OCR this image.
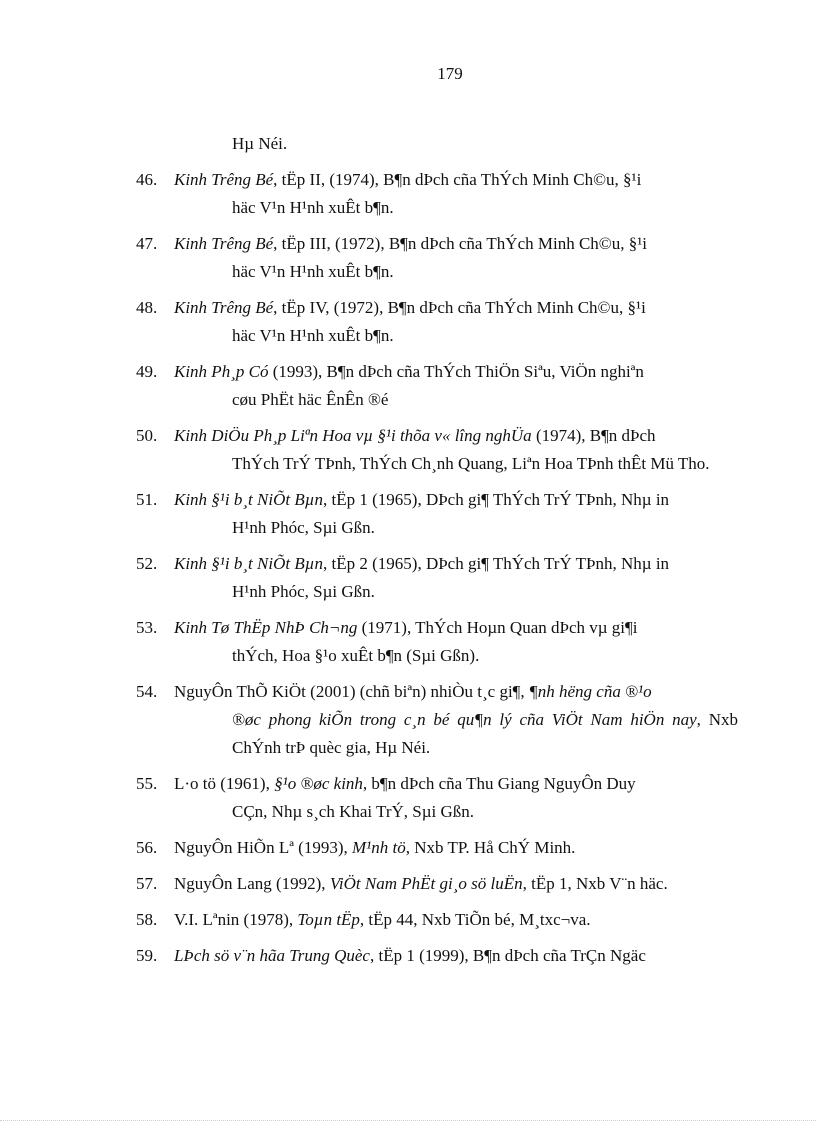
179
Hµ Néi.
46. Kinh Trêng Bé, tËp II, (1974), B¶n dÞch cña ThÝch Minh Ch©u, §¹i
häc V¹n H¹nh xuÊt b¶n.
47. Kinh Trêng Bé, tËp III, (1972), B¶n dÞch cña ThÝch Minh Ch©u, §¹i
häc V¹n H¹nh xuÊt b¶n.
48. Kinh Trêng Bé, tËp IV, (1972), B¶n dÞch cña ThÝch Minh Ch©u, §¹i
häc V¹n H¹nh xuÊt b¶n.
49. Kinh Ph¸p Có (1993), B¶n dÞch cña ThÝch ThiÖn Siªu, ViÖn nghiªn
cøu PhËt häc ÊnÊn ®é
50. Kinh DiÖu Ph¸p Liªn Hoa vµ §¹i thõa v« lîng nghÜa (1974), B¶n dÞch
ThÝch TrÝ TÞnh, ThÝch Ch¸nh Quang, Liªn Hoa TÞnh thÊt Mü Tho.
51. Kinh §¹i b¸t NiÕt Bµn, tËp 1 (1965), DÞch gi¶ ThÝch TrÝ TÞnh, Nhµ in
H¹nh Phóc, Sµi Gßn.
52. Kinh §¹i b¸t NiÕt Bµn, tËp 2 (1965), DÞch gi¶ ThÝch TrÝ TÞnh, Nhµ in
H¹nh Phóc, Sµi Gßn.
53. Kinh Tø ThËp NhÞ Ch¬ng (1971), ThÝch Hoµn Quan dÞch vµ gi¶i
thÝch, Hoa §¹o xuÊt b¶n (Sµi Gßn).
54. NguyÔn ThÕ KiÖt (2001) (chñ biªn) nhiÒu t¸c gi¶, ¶nh hëng cña ®¹o
®øc phong kiÕn trong c¸n bé qu¶n lý cña ViÖt Nam hiÖn nay, Nxb ChÝnh trÞ quèc gia, Hµ Néi.
55. L·o tö (1961), §¹o ®øc kinh, b¶n dÞch cña Thu Giang NguyÔn Duy
CÇn, Nhµ s¸ch Khai TrÝ, Sµi Gßn.
56. NguyÔn HiÕn Lª (1993), M¹nh tö, Nxb TP. Hå ChÝ Minh.
57. NguyÔn Lang (1992), ViÖt Nam PhËt gi¸o sö luËn, tËp 1, Nxb V¨n häc.
58. V.I. Lªnin (1978), Toµn tËp, tËp 44, Nxb TiÕn bé, M¸txc¬va.
59. LÞch sö v¨n hãa Trung Quèc, tËp 1 (1999), B¶n dÞch cña TrÇn Ngäc
